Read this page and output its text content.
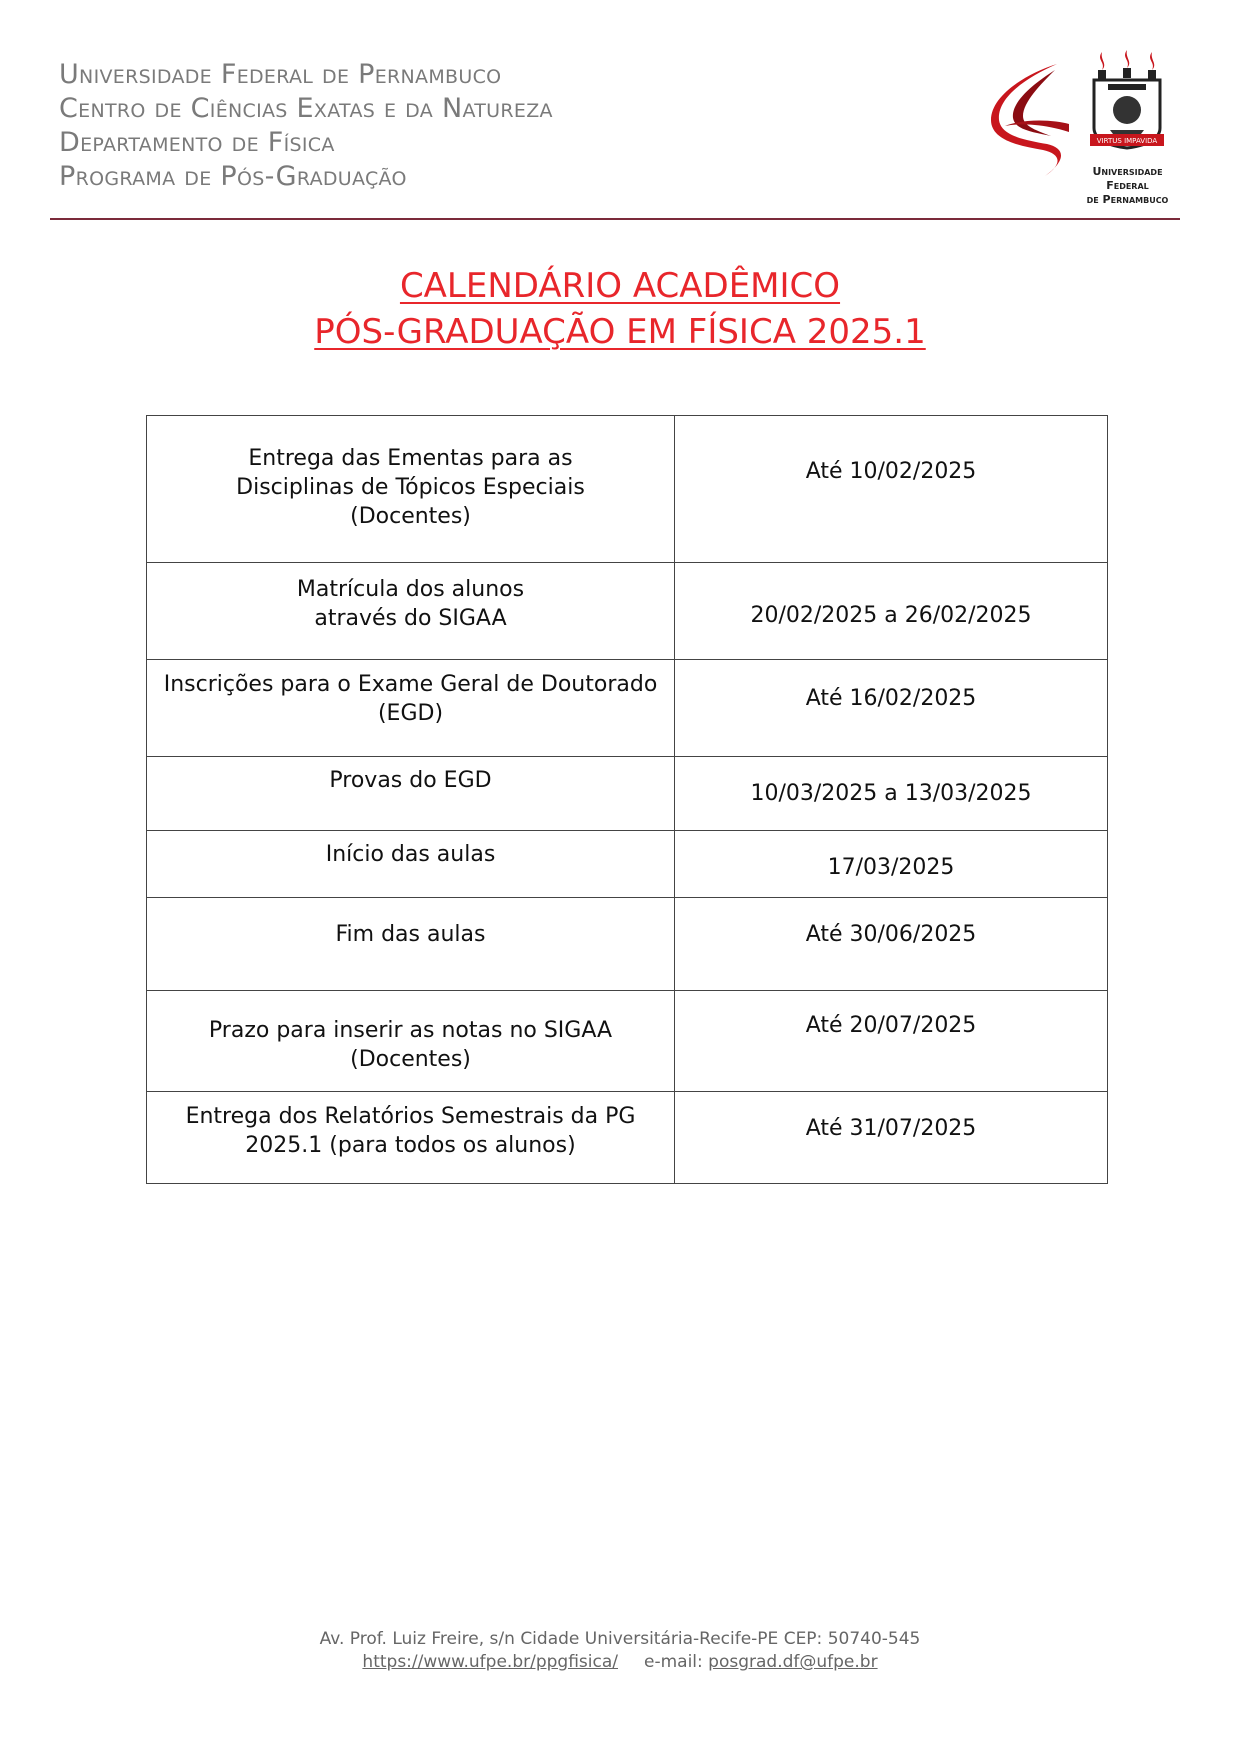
Universidade Federal de Pernambuco
Centro de Ciências Exatas e da Natureza
Departamento de Física
Programa de Pós-Graduação
VIRTUS IMPAVIDA
Universidade
Federal
de Pernambuco
CALENDÁRIO ACADÊMICO
PÓS-GRADUAÇÃO EM FÍSICA 2025.1
Entrega das Ementas para as
Disciplinas de Tópicos Especiais
(Docentes)	Até 10/02/2025

Matrícula dos alunos
através do SIGAA	20/02/2025 a 26/02/2025

Inscrições para o Exame Geral de Doutorado
(EGD)	Até 16/02/2025

Provas do EGD	10/03/2025 a 13/03/2025

Início das aulas	17/03/2025

Fim das aulas	Até 30/06/2025

Prazo para inserir as notas no SIGAA
(Docentes)	Até 20/07/2025

Entrega dos Relatórios Semestrais da PG
2025.1 (para todos os alunos)	Até 31/07/2025
Av. Prof. Luiz Freire, s/n Cidade Universitária-Recife-PE CEP: 50740-545
https://www.ufpe.br/ppgfisica/ e-mail: posgrad.df@ufpe.br
